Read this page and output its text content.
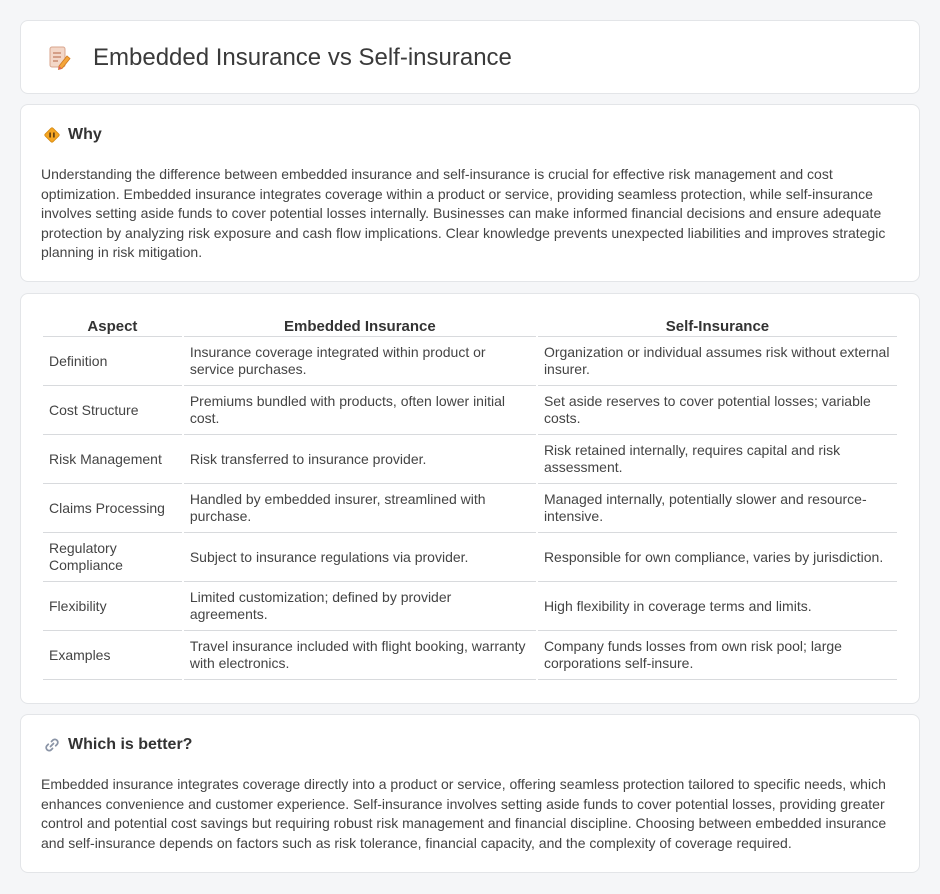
Embedded Insurance vs Self-insurance
Why

Understanding the difference between embedded insurance and self-insurance is crucial for effective risk management and cost optimization. Embedded insurance integrates coverage within a product or service, providing seamless protection, while self-insurance involves setting aside funds to cover potential losses internally. Businesses can make informed financial decisions and ensure adequate protection by analyzing risk exposure and cash flow implications. Clear knowledge prevents unexpected liabilities and improves strategic planning in risk mitigation.

Aspect	Embedded Insurance	Self-Insurance
Definition	Insurance coverage integrated within product or service purchases.	Organization or individual assumes risk without external insurer.
Cost Structure	Premiums bundled with products, often lower initial cost.	Set aside reserves to cover potential losses; variable costs.
Risk Management	Risk transferred to insurance provider.	Risk retained internally, requires capital and risk assessment.
Claims Processing	Handled by embedded insurer, streamlined with purchase.	Managed internally, potentially slower and resource-intensive.
Regulatory Compliance	Subject to insurance regulations via provider.	Responsible for own compliance, varies by jurisdiction.
Flexibility	Limited customization; defined by provider agreements.	High flexibility in coverage terms and limits.
Examples	Travel insurance included with flight booking, warranty with electronics.	Company funds losses from own risk pool; large corporations self-insure.
Which is better?

Embedded insurance integrates coverage directly into a product or service, offering seamless protection tailored to specific needs, which enhances convenience and customer experience. Self-insurance involves setting aside funds to cover potential losses, providing greater control and potential cost savings but requiring robust risk management and financial discipline. Choosing between embedded insurance and self-insurance depends on factors such as risk tolerance, financial capacity, and the complexity of coverage required.
